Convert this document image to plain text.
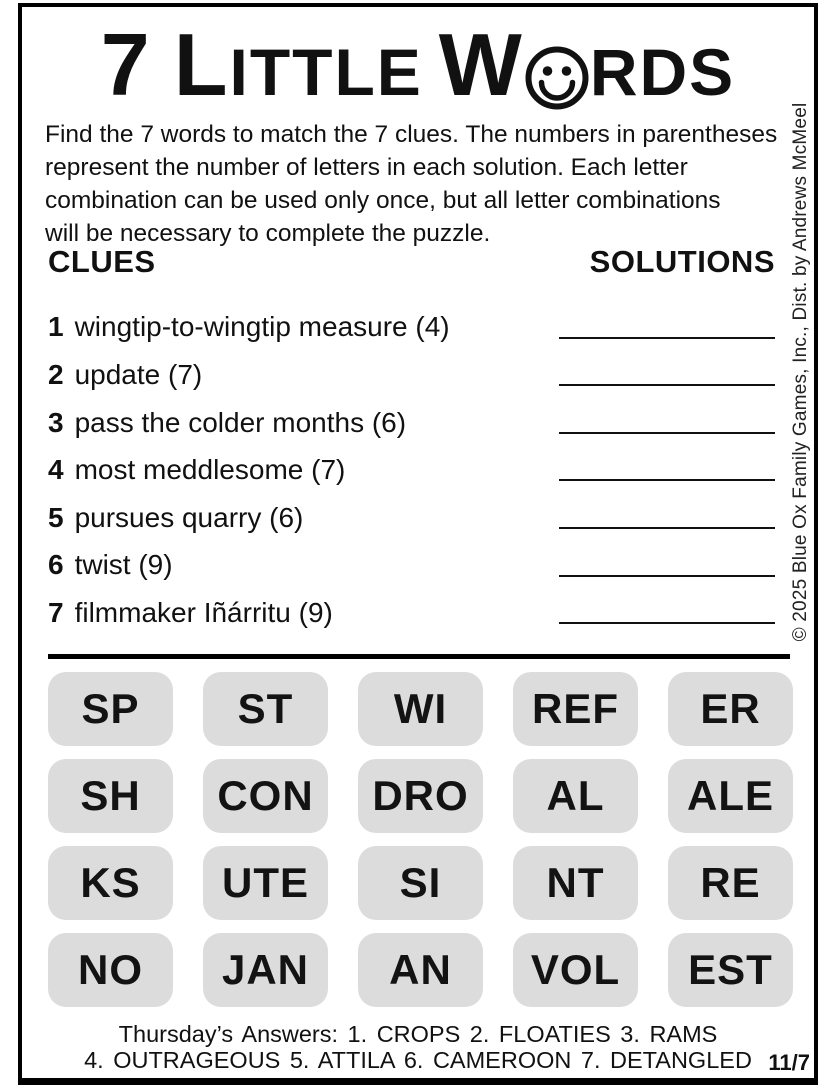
7 L ITTLE W RDS
Find the 7 words to match the 7 clues. The numbers in parentheses
represent the number of letters in each solution. Each letter
combination can be used only once, but all letter combinations
will be necessary to complete the puzzle.
CLUES	SOLUTIONS
1 wingtip-to-wingtip measure (4)
2 update (7)
3 pass the colder months (6)
4 most meddlesome (7)
5 pursues quarry (6)
6 twist (9)
7 filmmaker Iñárritu (9)
SP	ST	WI	REF	ER
SH	CON	DRO	AL	ALE
KS	UTE	SI	NT	RE
NO	JAN	AN	VOL	EST
Thursday’s Answers: 1. CROPS 2. FLOATIES 3. RAMS
4. OUTRAGEOUS 5. ATTILA 6. CAMEROON 7. DETANGLED 11/7
© 2025 Blue Ox Family Games, Inc., Dist. by Andrews McMeel
